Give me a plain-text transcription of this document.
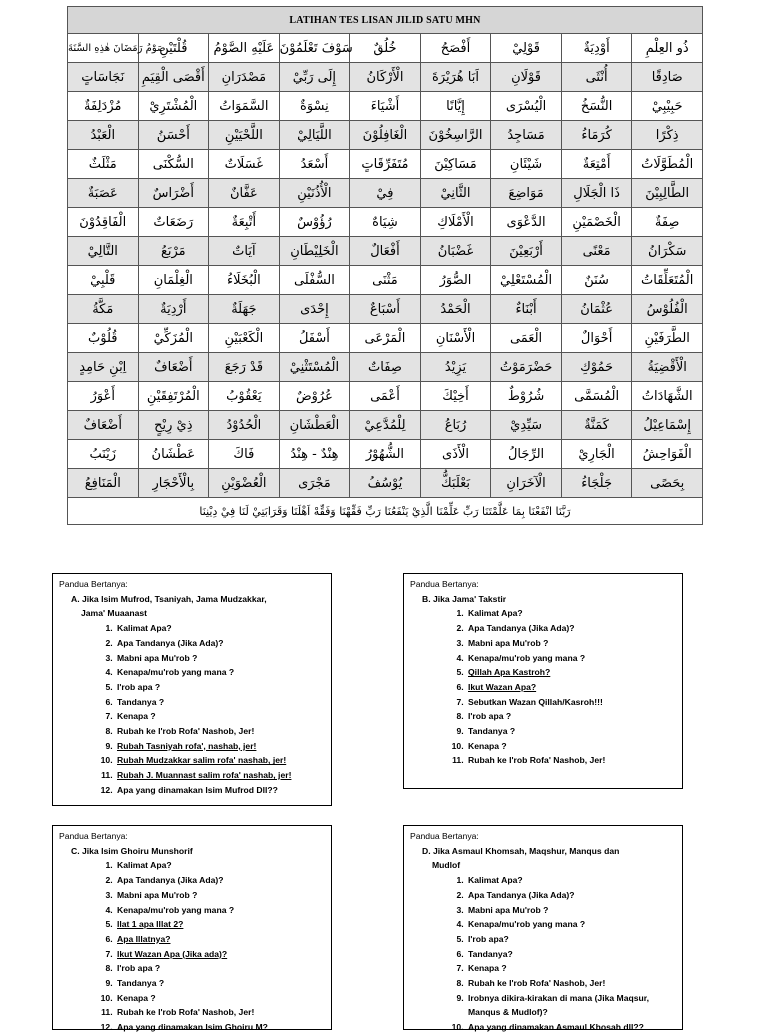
LATIHAN TES LISAN JILID SATU MHN								
صَوْمُ رَمَضَانَ هٰذِهِ السَّنَةَ	قُلْتَيْنِ	عَلَيْهِ الصَّوْمُ	سَوْفَ تَعْلَمُوْنَ	خُلُقٌ	أَفْصَحُ	قَوْلِيْ	أَوْدِيَةٌ	ذُو العِلْمِ
نَجَاسَاتٍ	أَقْصَى الْقِيَمِ	مَصْدَرَانِ	إِلَى رَبِّيْ	الْأَرْكَانُ	اَبَا هُرَيْرَةَ	قَوْلَانِ	أُنْثَى	صَادِقًا
مُزْدَلِفَةٌ	الْمُشْتَرِيْ	السَّمَوَاتُ	نِسْوَةٌ	أَشْيَاءَ	إِيَّانًا	الْيُسْرَى	النُّسَخُ	حَبِيْبِيْ
الْعَبْدُ	أَحْسَنُ	اللَّحْيَيْنِ	اللَّيَالِيْ	الْغَافِلُوْنَ	الرَّاسِخُوْنَ	مَسَاجِدُ	كُرَمَاءُ	ذِكْرًا
مَثْلَثٌ	السُّكْنَى	غَسَلَاتٌ	أَسْعَدُ	مُتَفَرِّقَاتٍ	مَسَاكِيْنَ	شَيْئَانِ	أَمْتِعَةٌ	الْمُطَوَّلَاتُ
عَصَبَةٌ	أَضْرَاسٌ	عَفَّانٌ	الْأُذُنَيْنِ	فِيْ	الثَّانِيْ	مَوَاضِعَ	ذَا الْجَلَالِ	الطَّالِبِيْنَ
الْفَاقِدُوْنَ	رَضَعَاتٌ	أَتْبِعَةٌ	رُؤُوْسٌ	شِيَاهٌ	الْأَمْلَاكِ	الدَّعْوَى	الْخَصْمَيْنِ	صِفَةٌ
التَّالِيْ	مَرْبَعُ	آيَاتٌ	الْخَلِيْطَانِ	أَفْعَالٌ	غَضْبَانُ	أَرْبَعِيْنَ	مَعْنًى	سَكْرَانُ
قَلْبِيْ	الْغِلْمَانِ	الْبُخَلَاءُ	السُّفْلَى	مَثْنَى	الصُّوَرُ	الْمُسْتَعْلِيْ	سُنَنٌ	الْمُتَعَلِّقَاتُ
مَكَّةُ	أَرْدِيَةٌ	جَهَلَةٌ	إِحْدَى	أَسْبَاعٌ	الْحَمْدُ	أَبْنَاءٌ	عُثْمَانُ	الْفُلُوْسُ
قُلُوْبٌ	الْمُزَكِّيْ	الْكَعْبَيْنِ	أَسْفَلُ	الْمَرْعَى	الْأَسْنَانِ	الْعَمَى	أَحْوَالٌ	الطَّرَفَيْنِ
اِبْنِ حَامِدٍ	أَضْعَافٌ	قَدْ رَجَعَ	الْمُسْتَثْنِيْ	صِفَاتٌ	يَزِيْدُ	حَضْرَمَوْتُ	حَمُوْكِ	الْأَقْضِيَةُ
أَعْوَرُ	الْمُرْتَفِقَيْنِ	يَعْقُوْبُ	عُرُوْضٌ	أَعْمَى	أَخِيْكَ	شُرُوْطٌ	الْمُسَمَّى	الشَّهَادَاتُ
أَضْعَافٌ	ذِيْ رِيْحٍ	الْحُدُوْدُ	الْعَطْشَانِ	لِلْمُدَّعِيْ	رُبَاعُ	سَيِّدِيْ	كَمَنَّةٌ	إِسْمَاعِيْلُ
زَيْنَبُ	عَطْشَانُ	فَاكَ	هِنْدٌ - هِنْدُ	الشُّهُوْرُ	الْأَذَى	الرِّجَالُ	الْجَارِيْ	الْفَوَاحِشُ
الْمَنَافِعُ	بِالْأَحْجَارِ	الْعُضْوَيْنِ	مَجْرَى	يُوْسُفُ	بَعْلَبَكُّ	الْآخَرَانِ	جَلْجَاءُ	بِحَصًى
رَبَّنَا انْفَعْنَا بِمَا عَلَّمْتَنَا رَبِّ عَلِّمْنَا الَّذِيْ يَنْفَعُنَا رَبِّ فَقِّهْنَا وَفَقِّهْ اَهْلَنَا وَقَرَابَتِيْ لَنَا فِيْ دِيْنِنَا								

Pandua Bertanya:

A. Jika Isim Mufrod, Tsaniyah, Jama Mudzakkar,

Jama' Muaanast

1. Kalimat Apa?
2. Apa Tandanya (Jika Ada)?
3. Mabni apa Mu'rob ?
4. Kenapa/mu'rob yang mana ?
5. I'rob apa ?
6. Tandanya ?
7. Kenapa ?
8. Rubah ke I'rob Rofa' Nashob, Jer!
9. Rubah Tasniyah rofa', nashab, jer!
10. Rubah Mudzakkar salim rofa' nashab, jer!
11. Rubah J. Muannast salim rofa' nashab, jer!
12. Apa yang dinamakan Isim Mufrod Dll??

Pandua Bertanya:

B. Jika Jama' Takstir

1. Kalimat Apa?
2. Apa Tandanya (Jika Ada)?
3. Mabni apa Mu'rob ?
4. Kenapa/mu'rob yang mana ?
5. Qillah Apa Kastroh?
6. Ikut Wazan Apa?
7. Sebutkan Wazan Qillah/Kasroh!!!
8. I'rob apa ?
9. Tandanya ?
10. Kenapa ?
11. Rubah ke I'rob Rofa' Nashob, Jer!

Pandua Bertanya:

C. Jika Isim Ghoiru Munshorif

1. Kalimat Apa?
2. Apa Tandanya (Jika Ada)?
3. Mabni apa Mu'rob ?
4. Kenapa/mu'rob yang mana ?
5. Ilat 1 apa Illat 2?
6. Apa Illatnya?
7. Ikut Wazan Apa (Jika ada)?
8. I'rob apa ?
9. Tandanya ?
10. Kenapa ?
11. Rubah ke I'rob Rofa' Nashob, Jer!
12. Apa yang dinamakan Isim Ghoiru M?

Pandua Bertanya:

D. Jika Asmaul Khomsah, Maqshur, Manqus dan

Mudlof

1. Kalimat Apa?
2. Apa Tandanya (Jika Ada)?
3. Mabni apa Mu'rob ?
4. Kenapa/mu'rob yang mana ?
5. I'rob apa?
6. Tandanya?
7. Kenapa ?
8. Rubah ke I'rob Rofa' Nashob, Jer!
9. Irobnya dikira-kirakan di mana (Jika Maqsur, Manqus & Mudlof)?
10. Apa yang dinamakan Asmaul Khosah dll??
